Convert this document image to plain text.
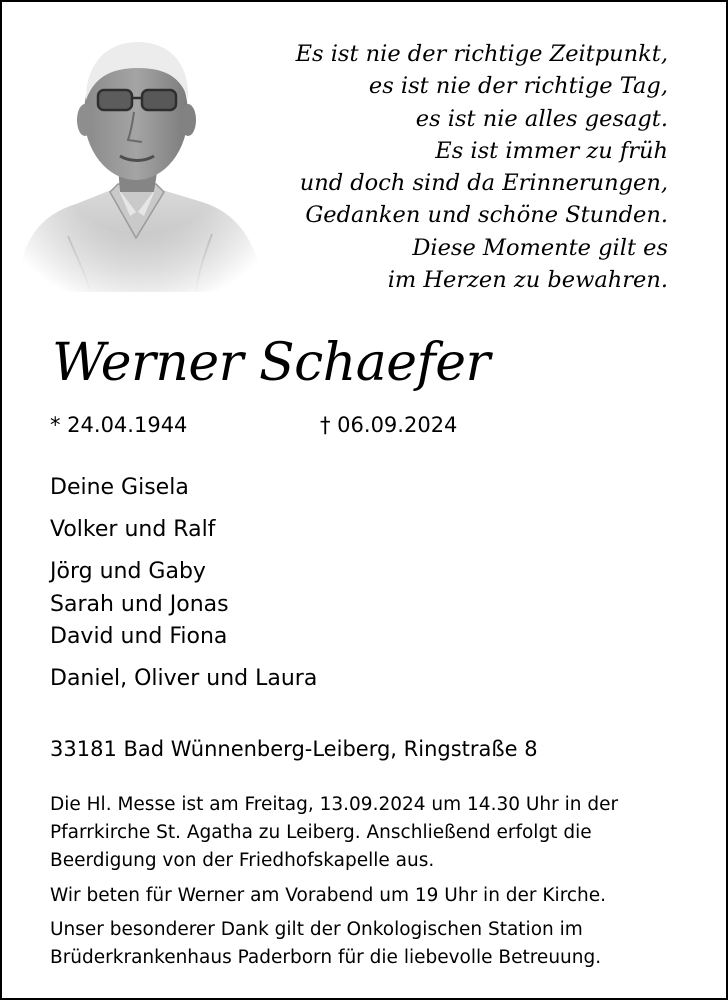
Es ist nie der richtige Zeitpunkt,
es ist nie der richtige Tag,
es ist nie alles gesagt.
Es ist immer zu früh
und doch sind da Erinnerungen,
Gedanken und schöne Stunden.
Diese Momente gilt es
im Herzen zu bewahren.
Werner Schaefer
* 24.04.1944	† 06.09.2024
Deine Gisela
Volker und Ralf
Jörg und Gaby
Sarah und Jonas
David und Fiona
Daniel, Oliver und Laura
33181 Bad Wünnenberg-Leiberg, Ringstraße 8
Die Hl. Messe ist am Freitag, 13.09.2024 um 14.30 Uhr in der
Pfarrkirche St. Agatha zu Leiberg. Anschließend erfolgt die
Beerdigung von der Friedhofskapelle aus.
Wir beten für Werner am Vorabend um 19 Uhr in der Kirche.
Unser besonderer Dank gilt der Onkologischen Station im
Brüderkrankenhaus Paderborn für die liebevolle Betreuung.
